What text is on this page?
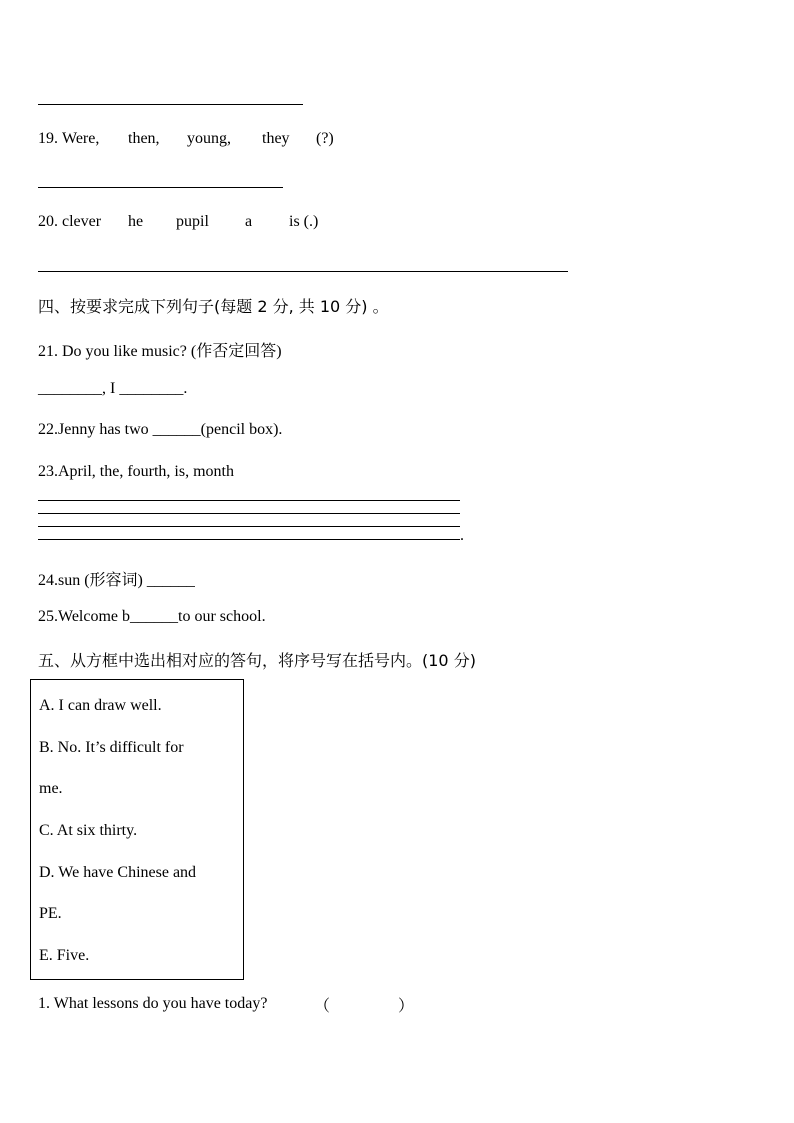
19. Were, then, young, they (?)
20. clever he pupil a is (.)
四、按要求完成下列句子(每题 2 分, 共 10 分) 。
21. Do you like music? (作否定回答)
________, I ________.
22.Jenny has two ______(pencil box).
23.April, the, fourth, is, month
.
24.sun (形容词) ______
25.Welcome b______to our school.
五、从方框中选出相对应的答句，将序号写在括号内。(10 分)
A. I can draw well.
B. No. It’s difficult for
me.
C. At six thirty.
D. We have Chinese and
PE.
E. Five.
1. What lessons do you have today?	（	）
